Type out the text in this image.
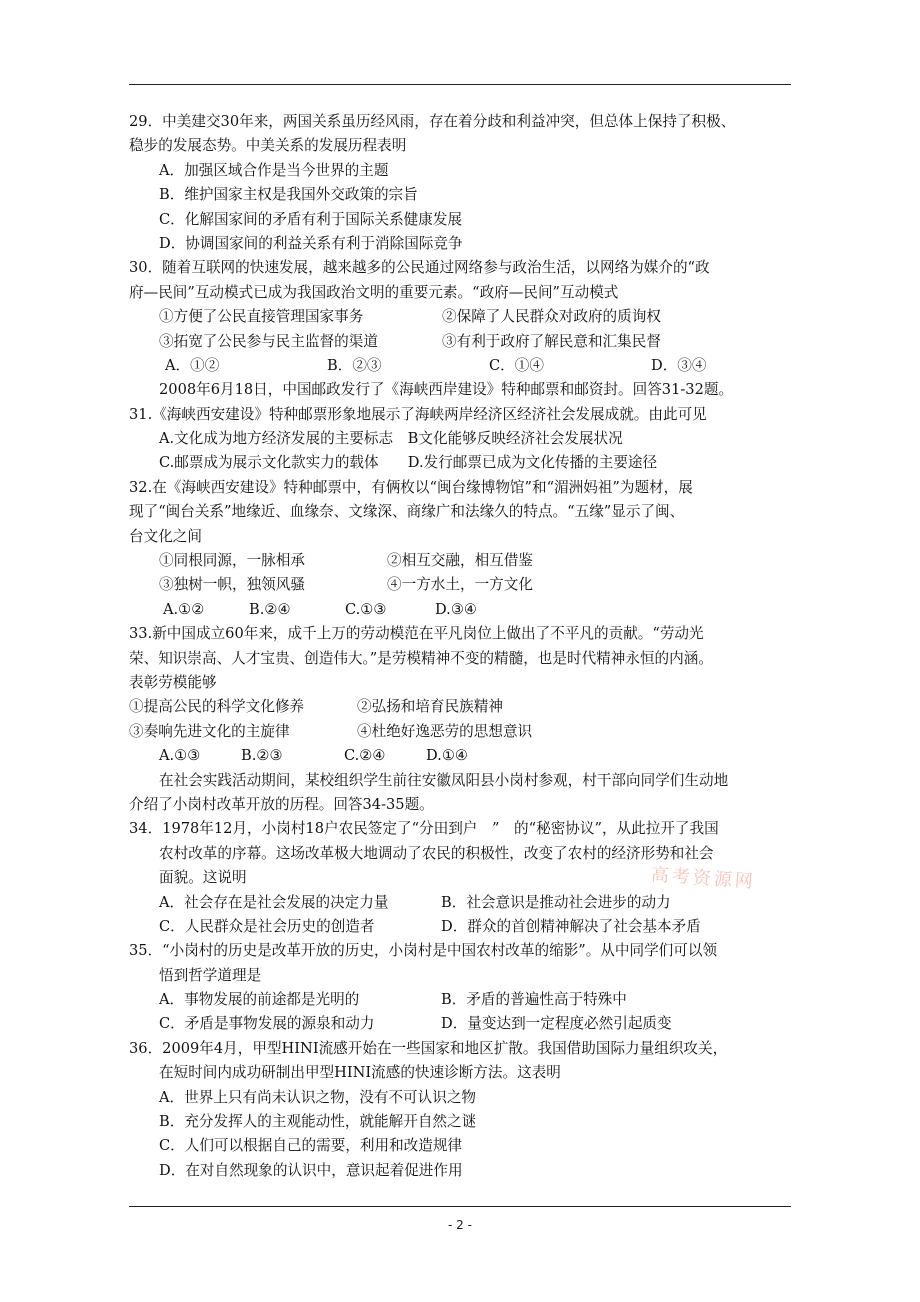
29．中美建交30年来，两国关系虽历经风雨，存在着分歧和利益冲突，但总体上保持了积极、
稳步的发展态势。中美关系的发展历程表明
A．加强区域合作是当今世界的主题
B．维护国家主权是我国外交政策的宗旨
C．化解国家间的矛盾有利于国际关系健康发展
D．协调国家间的利益关系有利于消除国际竞争
30．随着互联网的快速发展，越来越多的公民通过网络参与政治生活，以网络为媒介的“政
府—民间”互动模式已成为我国政治文明的重要元素。“政府—民间”互动模式
①方便了公民直接管理国家事务	②保障了人民群众对政府的质询权
③拓宽了公民参与民主监督的渠道	③有利于政府了解民意和汇集民督
A．①②	B．②③	C．①④	D．③④
2008年6月18日，中国邮政发行了《海峡西岸建设》特种邮票和邮资封。回答31-32题。
31.《海峡西安建设》特种邮票形象地展示了海峡两岸经济区经济社会发展成就。由此可见
A.文化成为地方经济发展的主要标志　B文化能够反映经济社会发展状况
C.邮票成为展示文化款实力的载体　　D.发行邮票已成为文化传播的主要途径
32.在《海峡西安建设》特种邮票中，有俩枚以“闽台缘博物馆”和“湄洲妈祖”为题材，展
现了“闽台关系”地缘近、血缘奈、文缘深、商缘广和法缘久的特点。“五缘”显示了闽、
台文化之间
①同根同源，一脉相承	②相互交融，相互借鉴
③独树一帜，独领风骚	④一方水土，一方文化
A.①②	B.②④	C.①③	D.③④
33.新中国成立60年来，成千上万的劳动模范在平凡岗位上做出了不平凡的贡献。“劳动光
荣、知识崇高、人才宝贵、创造伟大。”是劳模精神不变的精髓，也是时代精神永恒的内涵。
表彰劳模能够
①提高公民的科学文化修养	②弘扬和培育民族精神
③奏响先进文化的主旋律	④杜绝好逸恶劳的思想意识
A.①③	B.②③	C.②④	D.①④
在社会实践活动期间，某校组织学生前往安徽凤阳县小岗村参观，村干部向同学们生动地
介绍了小岗村改革开放的历程。回答34-35题。
34．1978年12月，小岗村18户农民签定了“分田到户　”　的“秘密协议”，从此拉开了我国
农村改革的序幕。这场改革极大地调动了农民的积极性，改变了农村的经济形势和社会
面貌。这说明
A．社会存在是社会发展的决定力量	B．社会意识是推动社会进步的动力
C．人民群众是社会历史的创造者	D．群众的首创精神解决了社会基本矛盾
35．“小岗村的历史是改革开放的历史，小岗村是中国农村改革的缩影”。从中同学们可以领
悟到哲学道理是
A．事物发展的前途都是光明的	B．矛盾的普遍性高于特殊中
C．矛盾是事物发展的源泉和动力	D．量变达到一定程度必然引起质变
36．2009年4月，甲型HINI流感开始在一些国家和地区扩散。我国借助国际力量组织攻关，
在短时间内成功研制出甲型HINI流感的快速诊断方法。这表明
A．世界上只有尚未认识之物，没有不可认识之物
B．充分发挥人的主观能动性，就能解开自然之谜
C．人们可以根据自己的需要，利用和改造规律
D．在对自然现象的认识中，意识起着促进作用
高考资源网
- 2 -
